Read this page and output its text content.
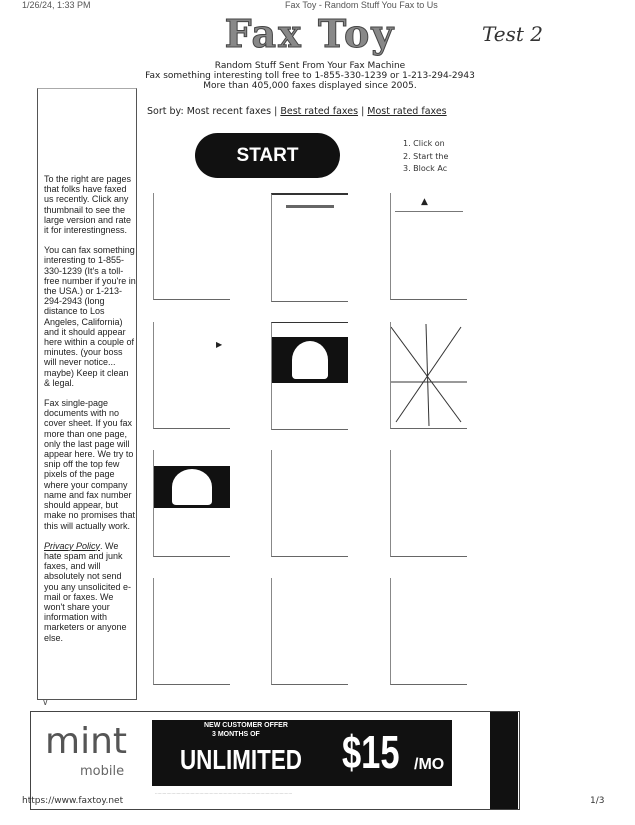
1/26/24, 1:33 PM	Fax Toy - Random Stuff You Fax to Us
Fax Toy	Test 2
Random Stuff Sent From Your Fax Machine
Fax something interesting toll free to 1-855-330-1239 or 1-213-294-2943
More than 405,000 faxes displayed since 2005.

To the right are pages that folks have faxed us recently. Click any thumbnail to see the large version and rate it for interestingness.

You can fax something interesting to 1-855-330-1239 (It's a toll-free number if you're in the USA.) or 1-213-294-2943 (long distance to Los Angeles, California) and it should appear here within a couple of minutes. (your boss will never notice... maybe) Keep it clean & legal.

Fax single-page documents with no cover sheet. If you fax more than one page, only the last page will appear here. We try to snip off the top few pixels of the page where your company name and fax number should appear, but make no promises that this will actually work.

Privacy Policy. We hate spam and junk faxes, and will absolutely not send you any unsolicited e-mail or faxes. We won't share your information with marketers or anyone else.

∨
Sort by: Most recent faxes | Best rated faxes | Most rated faxes
START
1. Click on
2. Start the
3. Block Ac
▲
▶
mint
mobile
NEW CUSTOMER OFFER
3 MONTHS OF
UNLIMITED $15 /MO
............................................................................................................
https://www.faxtoy.net	1/3
